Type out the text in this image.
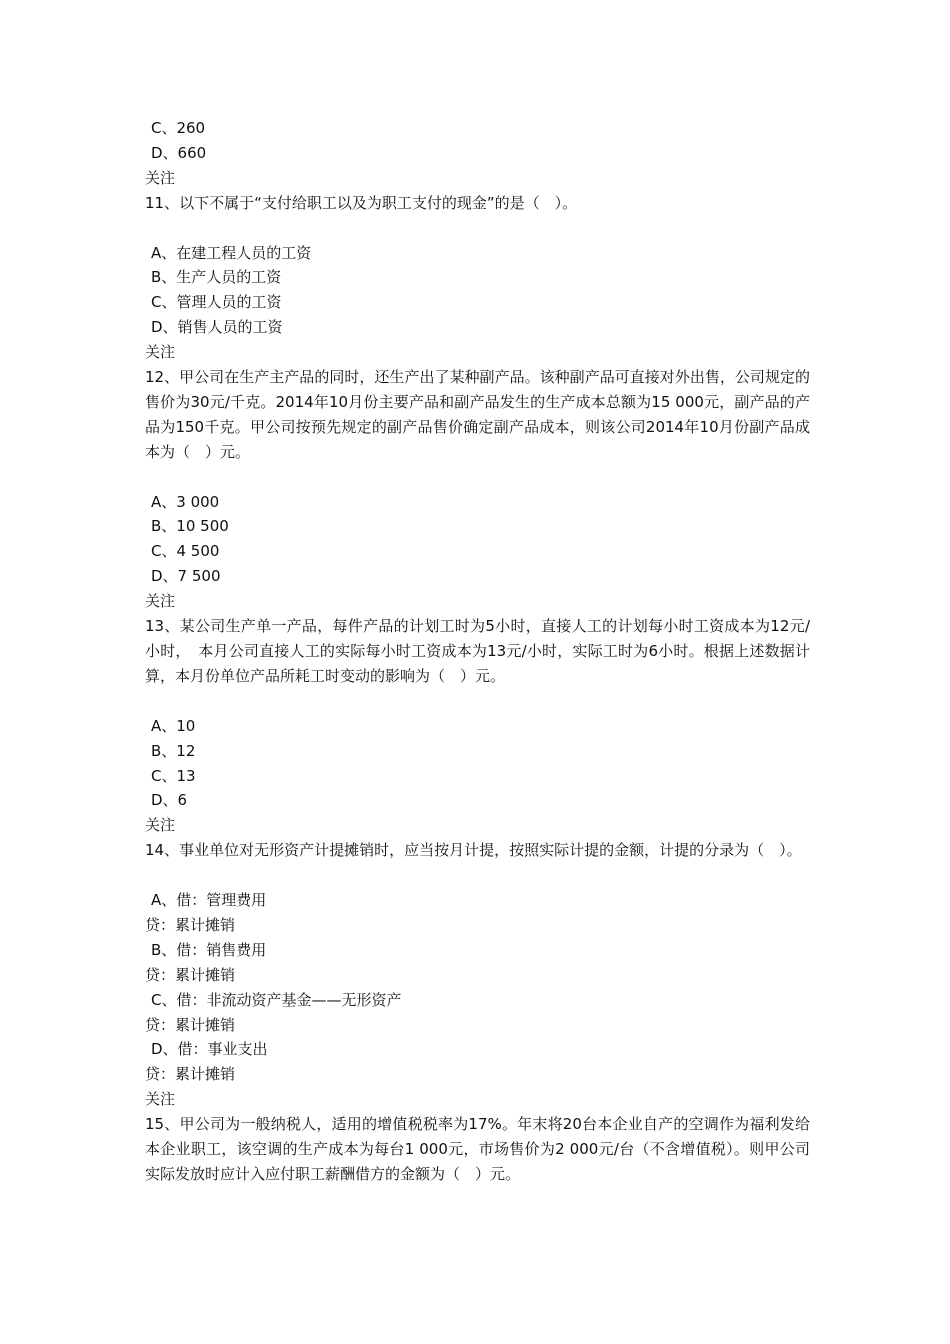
C、260
D、660
关注
11、以下不属于“支付给职工以及为职工支付的现金”的是（　）。
A、在建工程人员的工资
B、生产人员的工资
C、管理人员的工资
D、销售人员的工资
关注
12、甲公司在生产主产品的同时，还生产出了某种副产品。该种副产品可直接对外出售，公司规定的售价为30元/千克。2014年10月份主要产品和副产品发生的生产成本总额为15 000元，副产品的产品为150千克。甲公司按预先规定的副产品售价确定副产品成本，则该公司2014年10月份副产品成本为（　）元。
A、3 000
B、10 500
C、4 500
D、7 500
关注
13、某公司生产单一产品，每件产品的计划工时为5小时，直接人工的计划每小时工资成本为12元/小时，　本月公司直接人工的实际每小时工资成本为13元/小时，实际工时为6小时。根据上述数据计算，本月份单位产品所耗工时变动的影响为（　）元。
A、10
B、12
C、13
D、6
关注
14、事业单位对无形资产计提摊销时，应当按月计提，按照实际计提的金额，计提的分录为（　）。
A、借：管理费用
贷：累计摊销
B、借：销售费用
贷：累计摊销
C、借：非流动资产基金——无形资产
贷：累计摊销
D、借：事业支出
贷：累计摊销
关注
15、甲公司为一般纳税人，适用的增值税税率为17%。年末将20台本企业自产的空调作为福利发给本企业职工，该空调的生产成本为每台1 000元，市场售价为2 000元/台（不含增值税）。则甲公司实际发放时应计入应付职工薪酬借方的金额为（　）元。
